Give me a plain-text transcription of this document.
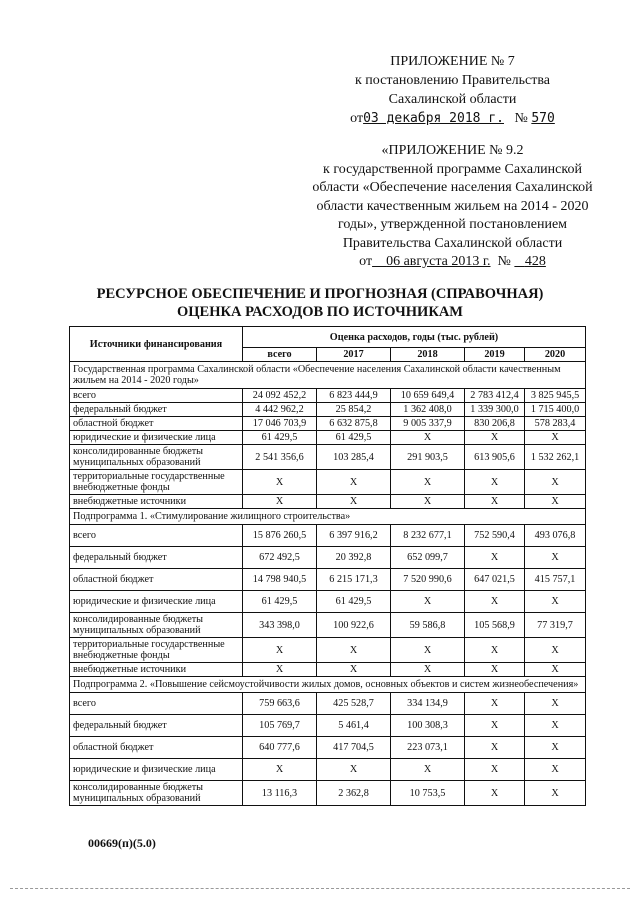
ПРИЛОЖЕНИЕ № 7
к постановлению Правительства
Сахалинской области
от03 декабря 2018 г. № 570
«ПРИЛОЖЕНИЕ № 9.2
к государственной программе Сахалинской области «Обеспечение населения Сахалинской области качественным жильем на 2014 - 2020 годы», утвержденной постановлением Правительства Сахалинской области
от 06 августа 2013 г. № 428
РЕСУРСНОЕ ОБЕСПЕЧЕНИЕ И ПРОГНОЗНАЯ (СПРАВОЧНАЯ)
ОЦЕНКА РАСХОДОВ ПО ИСТОЧНИКАМ
Источники финансирования	Оценка расходов, годы (тыс. рублей)				
	всего	2017	2018	2019	2020
Государственная программа Сахалинской области «Обеспечение населения Сахалинской области качественным жильем на 2014 - 2020 годы»					
всего	24 092 452,2	6 823 444,9	10 659 649,4	2 783 412,4	3 825 945,5
федеральный бюджет	4 442 962,2	25 854,2	1 362 408,0	1 339 300,0	1 715 400,0
областной бюджет	17 046 703,9	6 632 875,8	9 005 337,9	830 206,8	578 283,4
юридические и физические лица	61 429,5	61 429,5	Х	Х	Х
консолидированные бюджеты муниципальных образований	2 541 356,6	103 285,4	291 903,5	613 905,6	1 532 262,1
территориальные государственные внебюджетные фонды	Х	Х	Х	Х	Х
внебюджетные источники	Х	Х	Х	Х	Х
Подпрограмма 1. «Стимулирование жилищного строительства»					
всего	15 876 260,5	6 397 916,2	8 232 677,1	752 590,4	493 076,8
федеральный бюджет	672 492,5	20 392,8	652 099,7	Х	Х
областной бюджет	14 798 940,5	6 215 171,3	7 520 990,6	647 021,5	415 757,1
юридические и физические лица	61 429,5	61 429,5	Х	Х	Х
консолидированные бюджеты муниципальных образований	343 398,0	100 922,6	59 586,8	105 568,9	77 319,7
территориальные государственные внебюджетные фонды	Х	Х	Х	Х	Х
внебюджетные источники	Х	Х	Х	Х	Х
Подпрограмма 2. «Повышение сейсмоустойчивости жилых домов, основных объектов и систем жизнеобеспечения»					
всего	759 663,6	425 528,7	334 134,9	Х	Х
федеральный бюджет	105 769,7	5 461,4	100 308,3	Х	Х
областной бюджет	640 777,6	417 704,5	223 073,1	Х	Х
юридические и физические лица	Х	Х	Х	Х	Х
консолидированные бюджеты муниципальных образований	13 116,3	2 362,8	10 753,5	Х	Х
00669(п)(5.0)
